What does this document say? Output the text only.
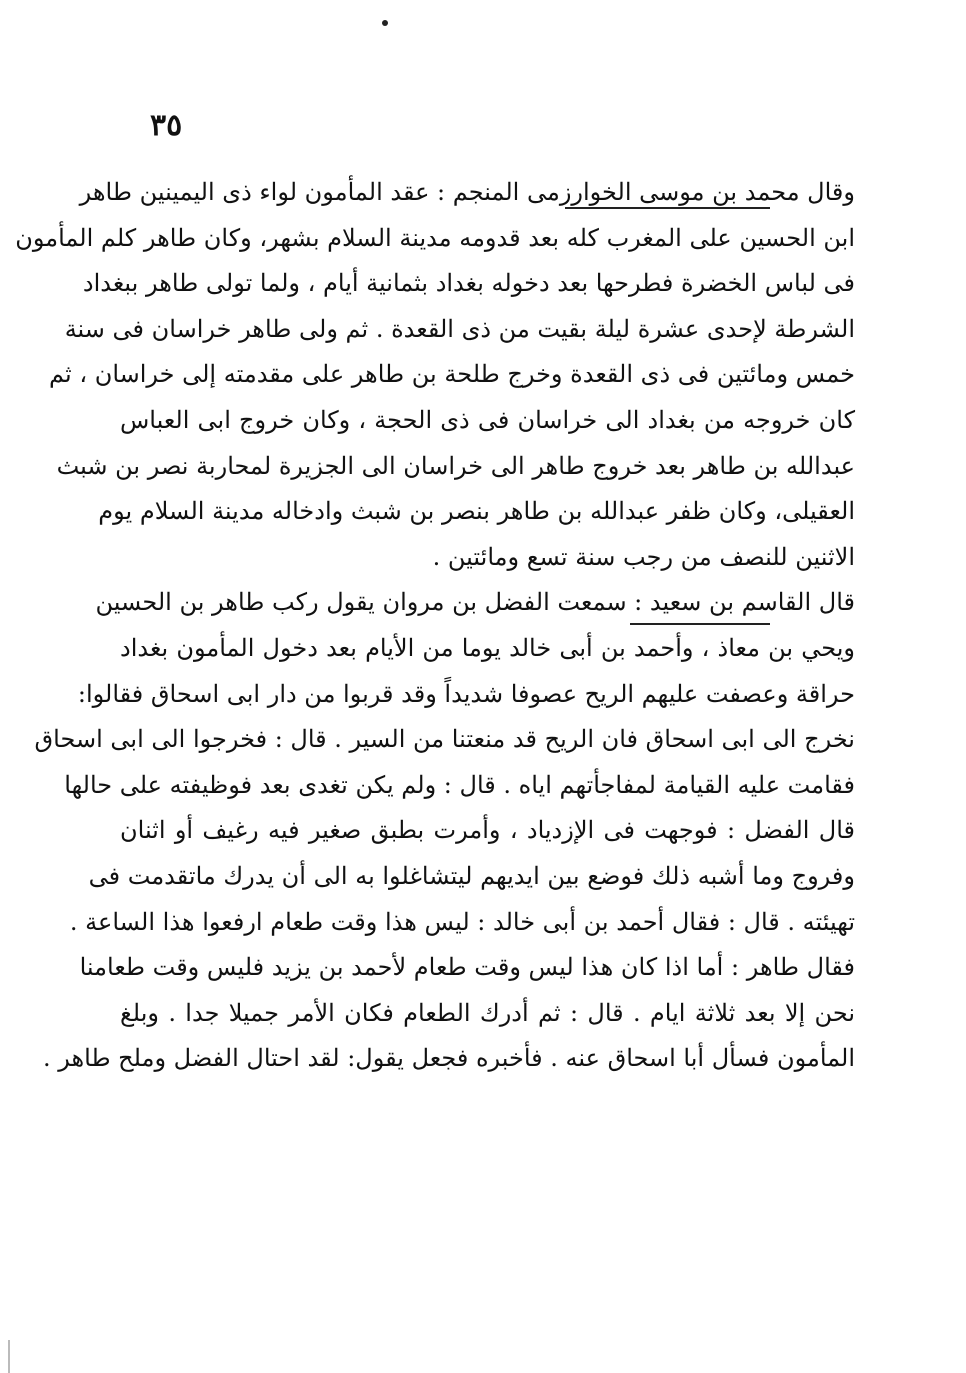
٣٥
وقال محمد بن موسى الخوارزمى المنجم : عقد المأمون لواء ذى اليمينين طاهر
ابن الحسين على المغرب كله بعد قدومه مدينة السلام بشهر، وكان طاهر كلم المأمون
فى لباس الخضرة فطرحها بعد دخوله بغداد بثمانية أيام ، ولما تولى طاهر ببغداد
الشرطة لإحدى عشرة ليلة بقيت من ذى القعدة . ثم ولى طاهر خراسان فى سنة
خمس ومائتين فى ذى القعدة وخرج طلحة بن طاهر على مقدمته إلى خراسان ، ثم
كان خروجه من بغداد الى خراسان فى ذى الحجة ، وكان خروج ابى العباس
عبدالله بن طاهر بعد خروج طاهر الى خراسان الى الجزيرة لمحاربة نصر بن شبث
العقيلى، وكان ظفر عبدالله بن طاهر بنصر بن شبث وادخاله مدينة السلام يوم
الاثنين للنصف من رجب سنة تسع ومائتين .
قال القاسم بن سعيد : سمعت الفضل بن مروان يقول ركب طاهر بن الحسين
ويحي بن معاذ ، وأحمد بن أبى خالد يوما من الأيام بعد دخول المأمون بغداد
حراقة وعصفت عليهم الريح عصوفا شديداً وقد قربوا من دار ابى اسحاق فقالوا:
نخرج الى ابى اسحاق فان الريح قد منعتنا من السير . قال : فخرجوا الى ابى اسحاق
فقامت عليه القيامة لمفاجأتهم اياه . قال : ولم يكن تغدى بعد فوظيفته على حالها
قال الفضل : فوجهت فى الإزدياد ، وأمرت بطبق صغير فيه رغيف أو اثنان
وفروج وما أشبه ذلك فوضع بين ايديهم ليتشاغلوا به الى أن يدرك ماتقدمت فى
تهيئته . قال : فقال أحمد بن أبى خالد : ليس هذا وقت طعام ارفعوا هذا الساعة .
فقال طاهر : أما اذا كان هذا ليس وقت طعام لأحمد بن يزيد فليس وقت طعامنا
نحن إلا بعد ثلاثة ايام . قال : ثم أدرك الطعام فكان الأمر جميلا جدا . وبلغ
المأمون فسأل أبا اسحاق عنه . فأخبره فجعل يقول: لقد احتال الفضل وملح طاهر .
